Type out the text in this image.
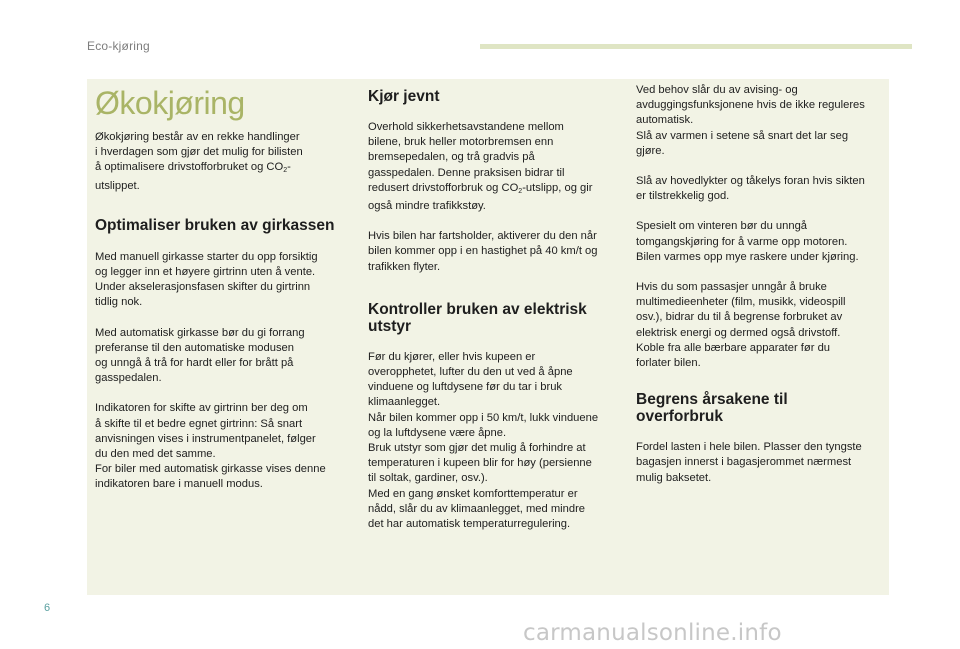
Eco-kjøring
Økokjøring

Økokjøring består av en rekke handlinger
i hverdagen som gjør det mulig for bilisten
å optimalisere drivstofforbruket og $CO_2-$
utslippet.

Optimaliser bruken av girkassen

Med manuell girkasse starter du opp forsiktig
og legger inn et høyere girtrinn uten å vente.
Under akselerasjonsfasen skifter du girtrinn
tidlig nok.

Med automatisk girkasse bør du gi forrang
preferanse til den automatiske modusen
og unngå å trå for hardt eller for brått på
gasspedalen.

Indikatoren for skifte av girtrinn ber deg om
å skifte til et bedre egnet girtrinn: Så snart
anvisningen vises i instrumentpanelet, følger
du den med det samme.
For biler med automatisk girkasse vises denne
indikatoren bare i manuell modus.

Kjør jevnt

Overhold sikkerhetsavstandene mellom
bilene, bruk heller motorbremsen enn
bremsepedalen, og trå gradvis på
gasspedalen. Denne praksisen bidrar til
redusert drivstofforbruk og $CO_2$-utslipp, og gir
også mindre trafikkstøy.

Hvis bilen har fartsholder, aktiverer du den når
bilen kommer opp i en hastighet på 40 km/t og
trafikken flyter.

Kontroller bruken av elektrisk
utstyr

Før du kjører, eller hvis kupeen er
overopphetet, lufter du den ut ved å åpne
vinduene og luftdysene før du tar i bruk
klimaanlegget.
Når bilen kommer opp i 50 km/t, lukk vinduene
og la luftdysene være åpne.
Bruk utstyr som gjør det mulig å forhindre at
temperaturen i kupeen blir for høy (persienne
til soltak, gardiner, osv.).
Med en gang ønsket komforttemperatur er
nådd, slår du av klimaanlegget, med mindre
det har automatisk temperaturregulering.

Ved behov slår du av avising- og
avduggingsfunksjonene hvis de ikke reguleres
automatisk.
Slå av varmen i setene så snart det lar seg
gjøre.

Slå av hovedlykter og tåkelys foran hvis sikten
er tilstrekkelig god.

Spesielt om vinteren bør du unngå
tomgangskjøring for å varme opp motoren.
Bilen varmes opp mye raskere under kjøring.

Hvis du som passasjer unngår å bruke
multimedieenheter (film, musikk, videospill
osv.), bidrar du til å begrense forbruket av
elektrisk energi og dermed også drivstoff.
Koble fra alle bærbare apparater før du
forlater bilen.

Begrens årsakene til
overforbruk

Fordel lasten i hele bilen. Plasser den tyngste
bagasjen innerst i bagasjerommet nærmest
mulig baksetet.

6
carmanualsonline.info
